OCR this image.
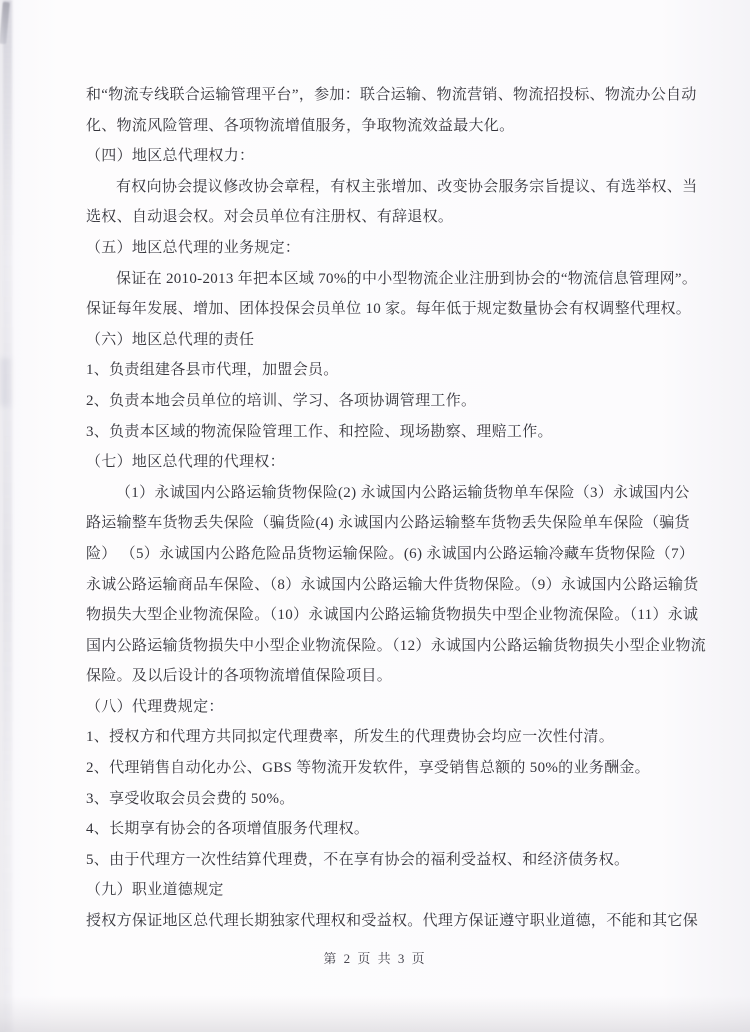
和“物流专线联合运输管理平台”，参加：联合运输、物流营销、物流招投标、物流办公自动

化、物流风险管理、各项物流增值服务，争取物流效益最大化。

（四）地区总代理权力：

有权向协会提议修改协会章程，有权主张增加、改变协会服务宗旨提议、有选举权、当

选权、自动退会权。对会员单位有注册权、有辞退权。

（五）地区总代理的业务规定：

保证在 2010-2013 年把本区域 70%的中小型物流企业注册到协会的“物流信息管理网”。

保证每年发展、增加、团体投保会员单位 10 家。每年低于规定数量协会有权调整代理权。

（六）地区总代理的责任

1、负责组建各县市代理，加盟会员。

2、负责本地会员单位的培训、学习、各项协调管理工作。

3、负责本区域的物流保险管理工作、和控险、现场勘察、理赔工作。

（七）地区总代理的代理权：

（1）永诚国内公路运输货物保险(2) 永诚国内公路运输货物单车保险（3）永诚国内公

路运输整车货物丢失保险（骗货险(4) 永诚国内公路运输整车货物丢失保险单车保险（骗货

险） （5）永诚国内公路危险品货物运输保险。(6) 永诚国内公路运输冷藏车货物保险（7）

永诚公路运输商品车保险、（8）永诚国内公路运输大件货物保险。（9）永诚国内公路运输货

物损失大型企业物流保险。（10）永诚国内公路运输货物损失中型企业物流保险。（11）永诚

国内公路运输货物损失中小型企业物流保险。（12）永诚国内公路运输货物损失小型企业物流

保险。及以后设计的各项物流增值保险项目。

（八）代理费规定：

1、授权方和代理方共同拟定代理费率，所发生的代理费协会均应一次性付清。

2、代理销售自动化办公、GBS 等物流开发软件，享受销售总额的 50%的业务酬金。

3、享受收取会员会费的 50%。

4、长期享有协会的各项增值服务代理权。

5、由于代理方一次性结算代理费，不在享有协会的福利受益权、和经济债务权。

（九）职业道德规定

授权方保证地区总代理长期独家代理权和受益权。代理方保证遵守职业道德，不能和其它保

第 2 页 共 3 页
